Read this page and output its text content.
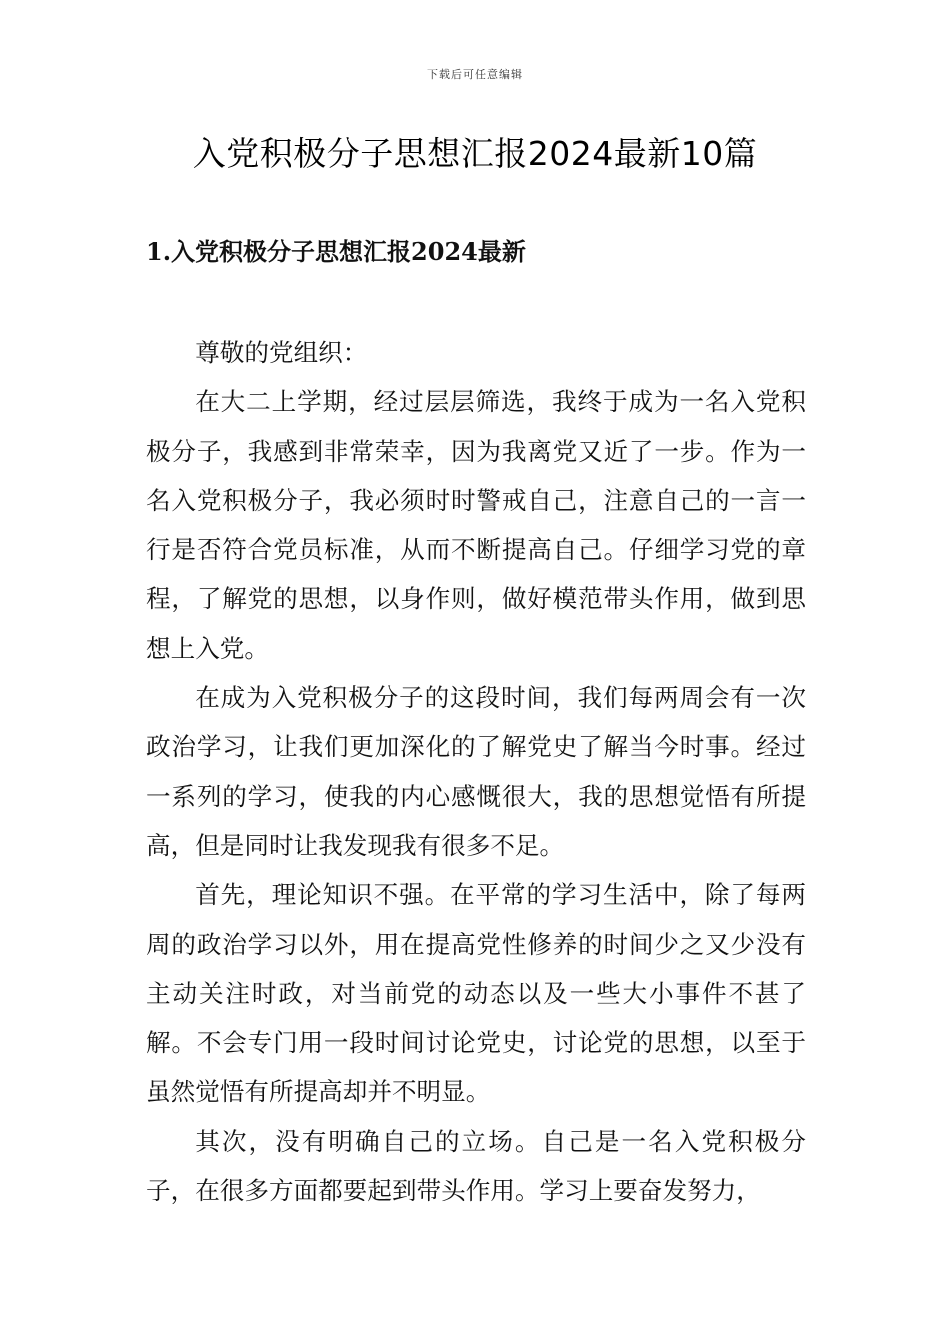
下载后可任意编辑
入党积极分子思想汇报2024最新10篇
1.入党积极分子思想汇报2024最新

尊敬的党组织：

在大二上学期，经过层层筛选，我终于成为一名入党积极分子，我感到非常荣幸，因为我离党又近了一步。作为一名入党积极分子，我必须时时警戒自己，注意自己的一言一行是否符合党员标准，从而不断提高自己。仔细学习党的章程，了解党的思想，以身作则，做好模范带头作用，做到思想上入党。

在成为入党积极分子的这段时间，我们每两周会有一次政治学习，让我们更加深化的了解党史了解当今时事。经过一系列的学习，使我的内心感慨很大，我的思想觉悟有所提高，但是同时让我发现我有很多不足。

首先，理论知识不强。在平常的学习生活中，除了每两周的政治学习以外，用在提高党性修养的时间少之又少没有主动关注时政，对当前党的动态以及一些大小事件不甚了解。不会专门用一段时间讨论党史，讨论党的思想，以至于虽然觉悟有所提高却并不明显。

其次，没有明确自己的立场。自己是一名入党积极分子，在很多方面都要起到带头作用。学习上要奋发努力，
